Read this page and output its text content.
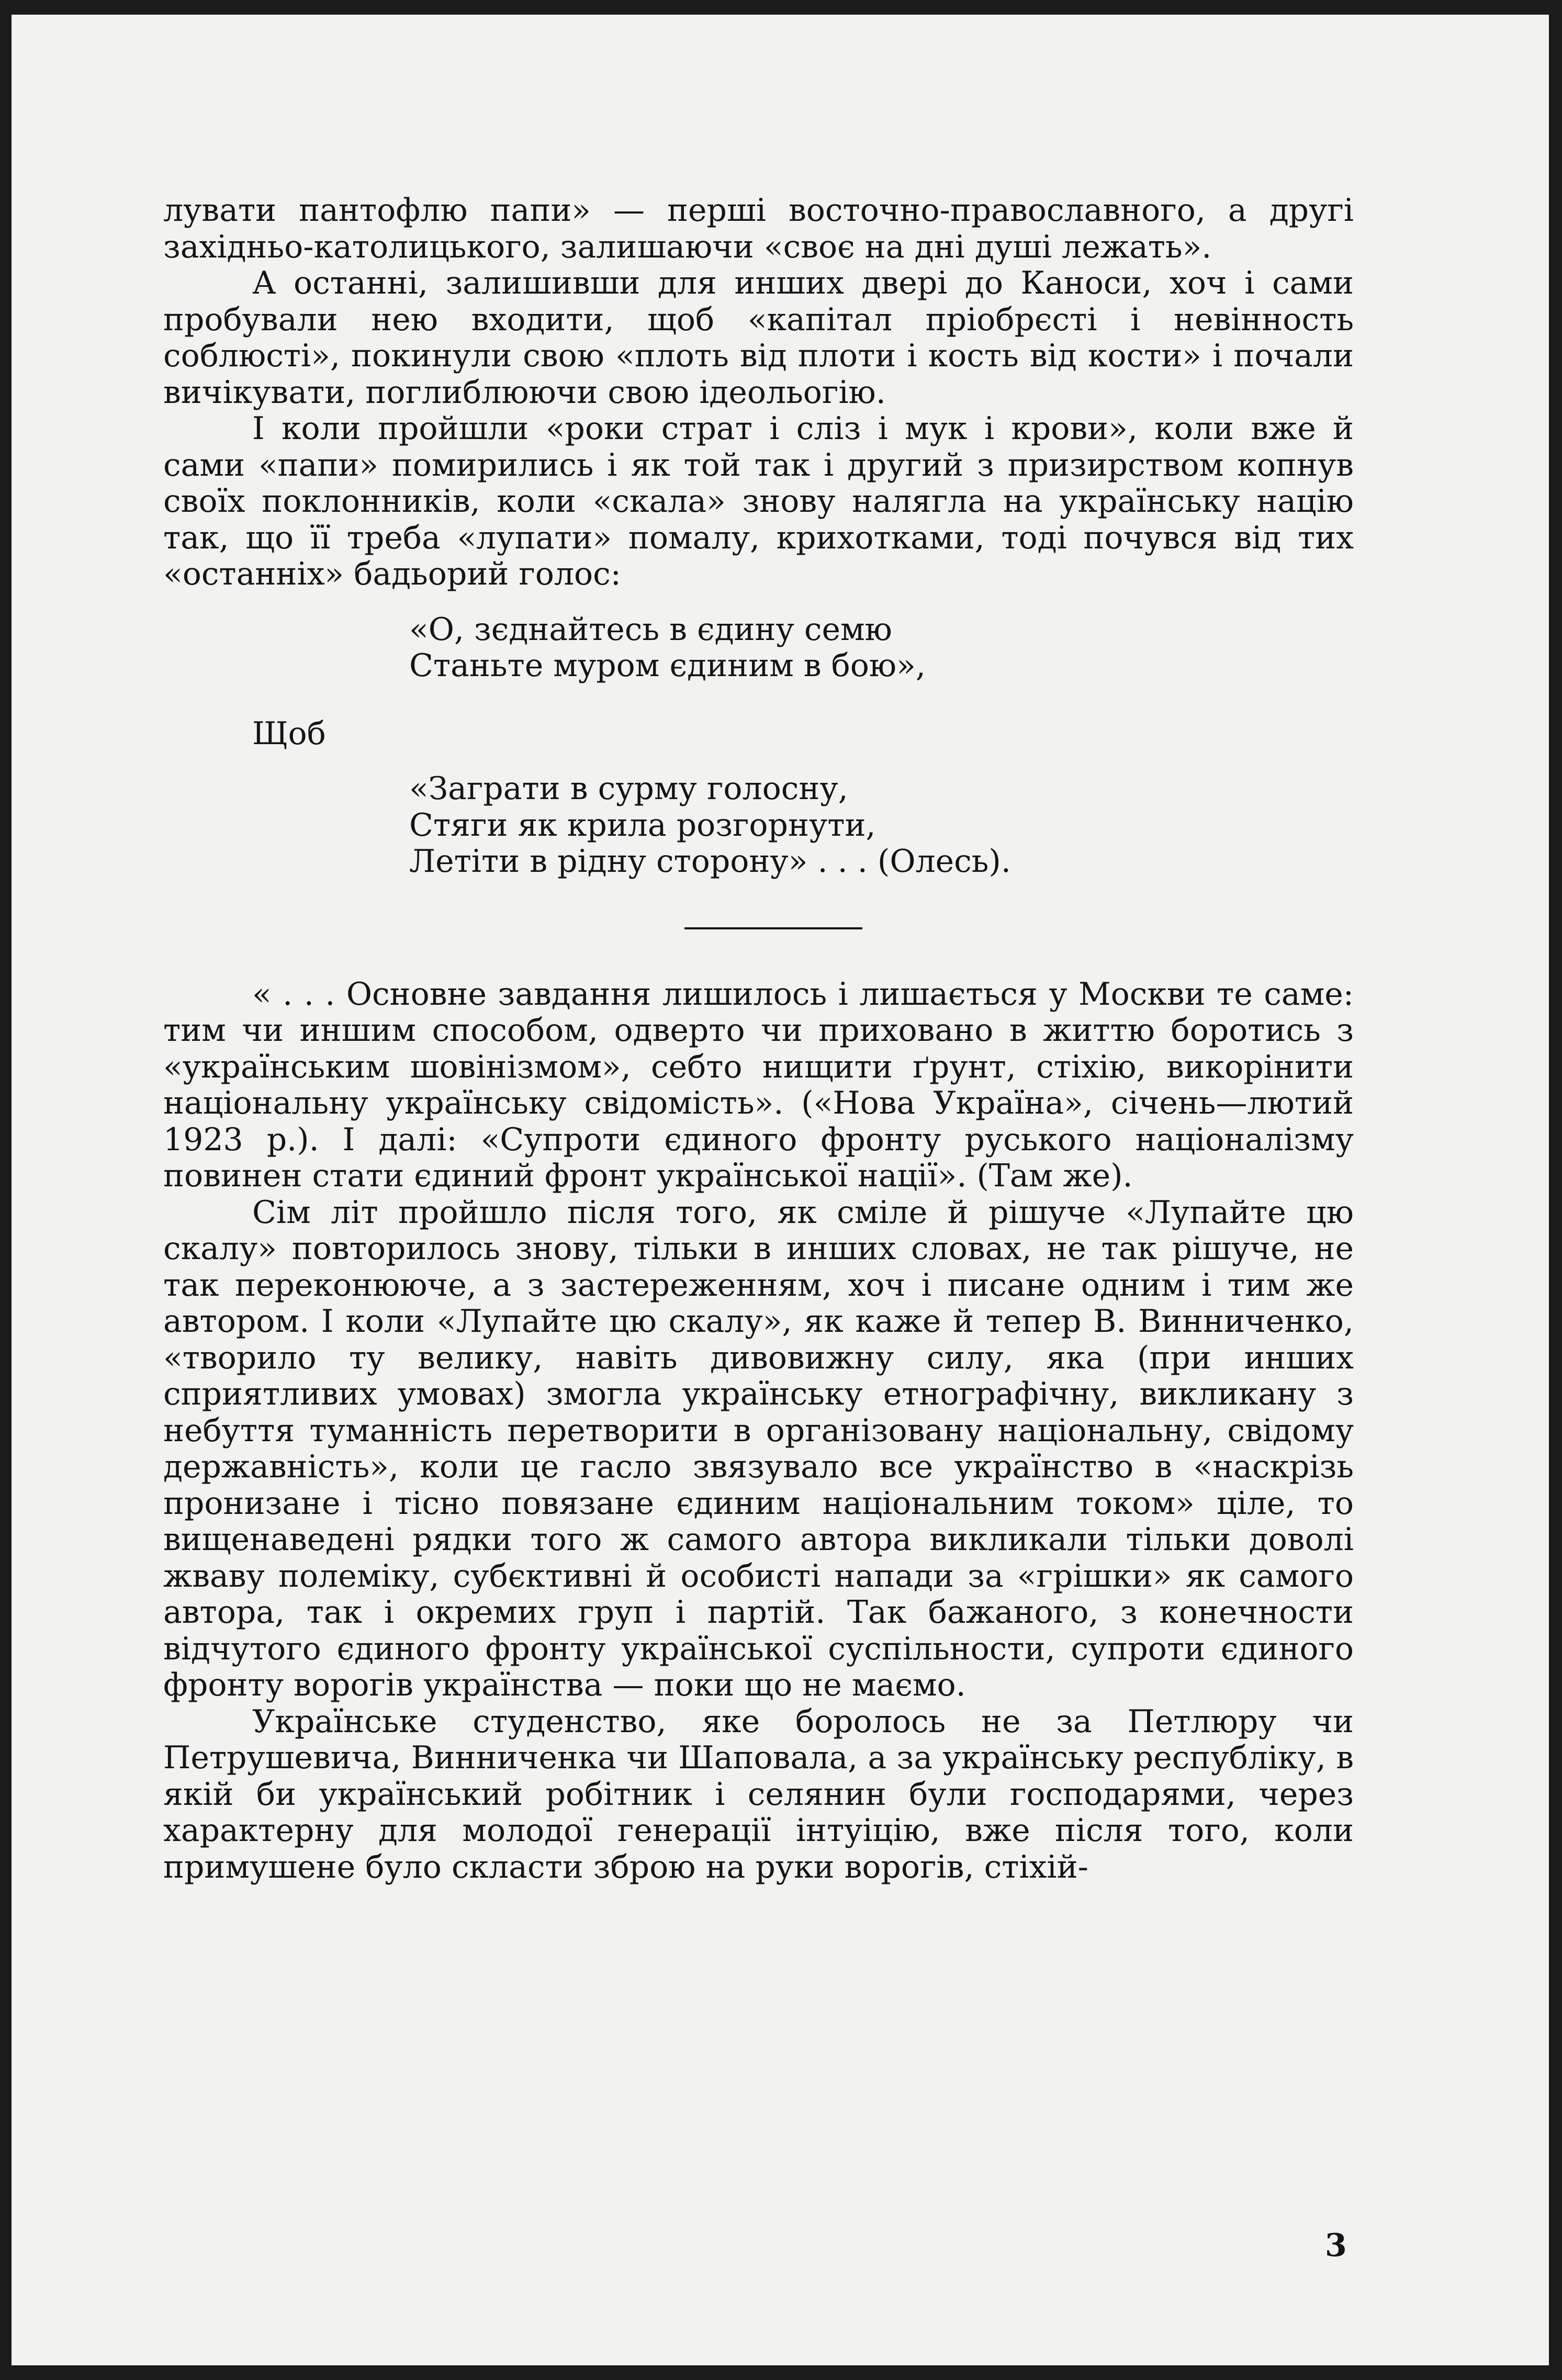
лувати пантофлю папи» — перші восточно-православного, а другі західньо-католицького, залишаючи «своє на дні душі лежать».

А останні, залишивши для инших двері до Каноси, хоч і сами пробували нею входити, щоб «капітал пріобрєсті і невінность соблюсті», покинули свою «плоть від плоти і кость від кости» і почали вичікувати, поглиблюючи свою ідеольогію.

І коли пройшли «роки страт і сліз і мук і крови», коли вже й сами «папи» помирились і як той так і другий з призирством копнув своїх поклонників, коли «скала» знову налягла на українську націю так, що її треба «лупати» помалу, крихотками, тоді почувся від тих «останніх» бадьорий голос:

«О, зєднайтесь в єдину семю
Станьте муром єдиним в бою»,

Щоб

«Заграти в сурму голосну,
Стяги як крила розгорнути,
Летіти в рідну сторону» . . . (Олесь).

« . . . Основне завдання лишилось і лишається у Москви те саме: тим чи иншим способом, одверто чи приховано в життю боротись з «українським шовінізмом», себто нищити ґрунт, стіхію, викорінити національну українську свідомість». («Нова Україна», січень—лютий 1923 р.). І далі: «Супроти єдиного фронту руського націоналізму повинен стати єдиний фронт української нації». (Там же).

Сім літ пройшло після того, як сміле й рішуче «Лупайте цю скалу» повторилось знову, тільки в инших словах, не так рішуче, не так переконююче, а з застереженням, хоч і писане одним і тим же автором. І коли «Лупайте цю скалу», як каже й тепер В. Винниченко, «творило ту велику, навіть дивовижну силу, яка (при инших сприятливих умовах) змогла українську етнографічну, викликану з небуття туманність перетворити в організовану національну, свідому державність», коли це гасло звязувало все українство в «наскрізь пронизане і тісно повязане єдиним національним током» ціле, то вищенаведені рядки того ж самого автора викликали тільки доволі жваву полеміку, субєктивні й особисті напади за «грішки» як самого автора, так і окремих груп і партій. Так бажаного, з конечности відчутого єдиного фронту української суспільности, супроти єдиного фронту ворогів українства — поки що не маємо.

Українське студенство, яке боролось не за Петлюру чи Петрушевича, Винниченка чи Шаповала, а за українську республіку, в якій би український робітник і селянин були господарями, через характерну для молодої генерації інтуіцію, вже після того, коли примушене було скласти зброю на руки ворогів, стіхій-

3
